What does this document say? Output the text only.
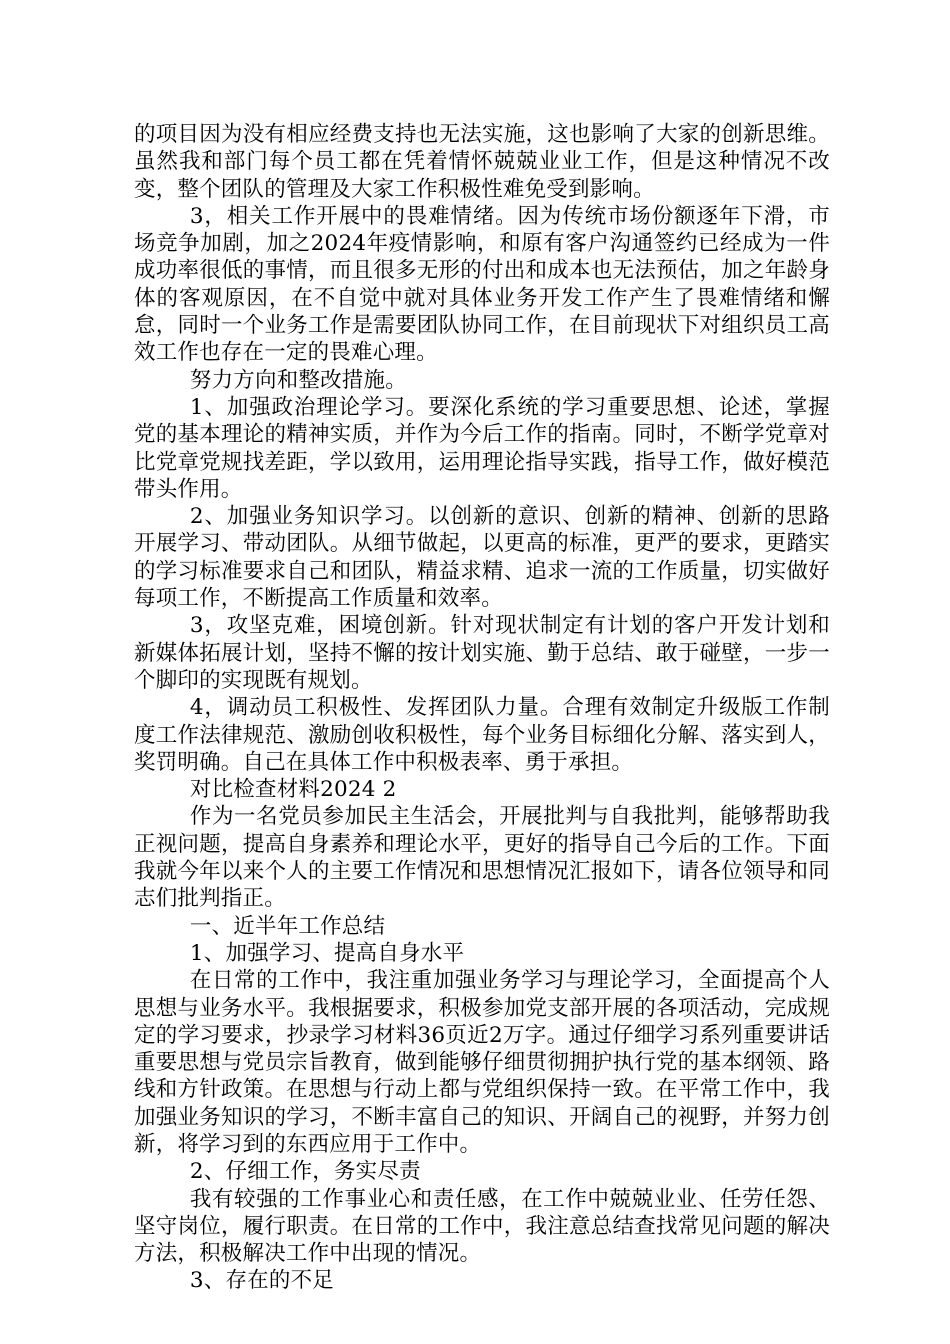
的项目因为没有相应经费支持也无法实施，这也影响了大家的创新思维。虽然我和部门每个员工都在凭着情怀兢兢业业工作，但是这种情况不改变，整个团队的管理及大家工作积极性难免受到影响。

3，相关工作开展中的畏难情绪。因为传统市场份额逐年下滑，市场竞争加剧，加之2024年疫情影响，和原有客户沟通签约已经成为一件成功率很低的事情，而且很多无形的付出和成本也无法预估，加之年龄身体的客观原因，在不自觉中就对具体业务开发工作产生了畏难情绪和懈怠，同时一个业务工作是需要团队协同工作，在目前现状下对组织员工高效工作也存在一定的畏难心理。

努力方向和整改措施。

1、加强政治理论学习。要深化系统的学习重要思想、论述，掌握党的基本理论的精神实质，并作为今后工作的指南。同时，不断学党章对比党章党规找差距，学以致用，运用理论指导实践，指导工作，做好模范带头作用。

2、加强业务知识学习。以创新的意识、创新的精神、创新的思路开展学习、带动团队。从细节做起，以更高的标准，更严的要求，更踏实的学习标准要求自己和团队，精益求精、追求一流的工作质量，切实做好每项工作，不断提高工作质量和效率。

3，攻坚克难，困境创新。针对现状制定有计划的客户开发计划和新媒体拓展计划，坚持不懈的按计划实施、勤于总结、敢于碰壁，一步一个脚印的实现既有规划。

4，调动员工积极性、发挥团队力量。合理有效制定升级版工作制度工作法律规范、激励创收积极性，每个业务目标细化分解、落实到人，奖罚明确。自己在具体工作中积极表率、勇于承担。

对比检查材料2024 2

作为一名党员参加民主生活会，开展批判与自我批判，能够帮助我正视问题，提高自身素养和理论水平，更好的指导自己今后的工作。下面我就今年以来个人的主要工作情况和思想情况汇报如下，请各位领导和同志们批判指正。

一、近半年工作总结

1、加强学习、提高自身水平

在日常的工作中，我注重加强业务学习与理论学习，全面提高个人思想与业务水平。我根据要求，积极参加党支部开展的各项活动，完成规定的学习要求，抄录学习材料36页近2万字。通过仔细学习系列重要讲话重要思想与党员宗旨教育，做到能够仔细贯彻拥护执行党的基本纲领、路线和方针政策。在思想与行动上都与党组织保持一致。在平常工作中，我加强业务知识的学习，不断丰富自己的知识、开阔自己的视野，并努力创新，将学习到的东西应用于工作中。

2、仔细工作，务实尽责

我有较强的工作事业心和责任感，在工作中兢兢业业、任劳任怨、坚守岗位，履行职责。在日常的工作中，我注意总结查找常见问题的解决方法，积极解决工作中出现的情况。

3、存在的不足
